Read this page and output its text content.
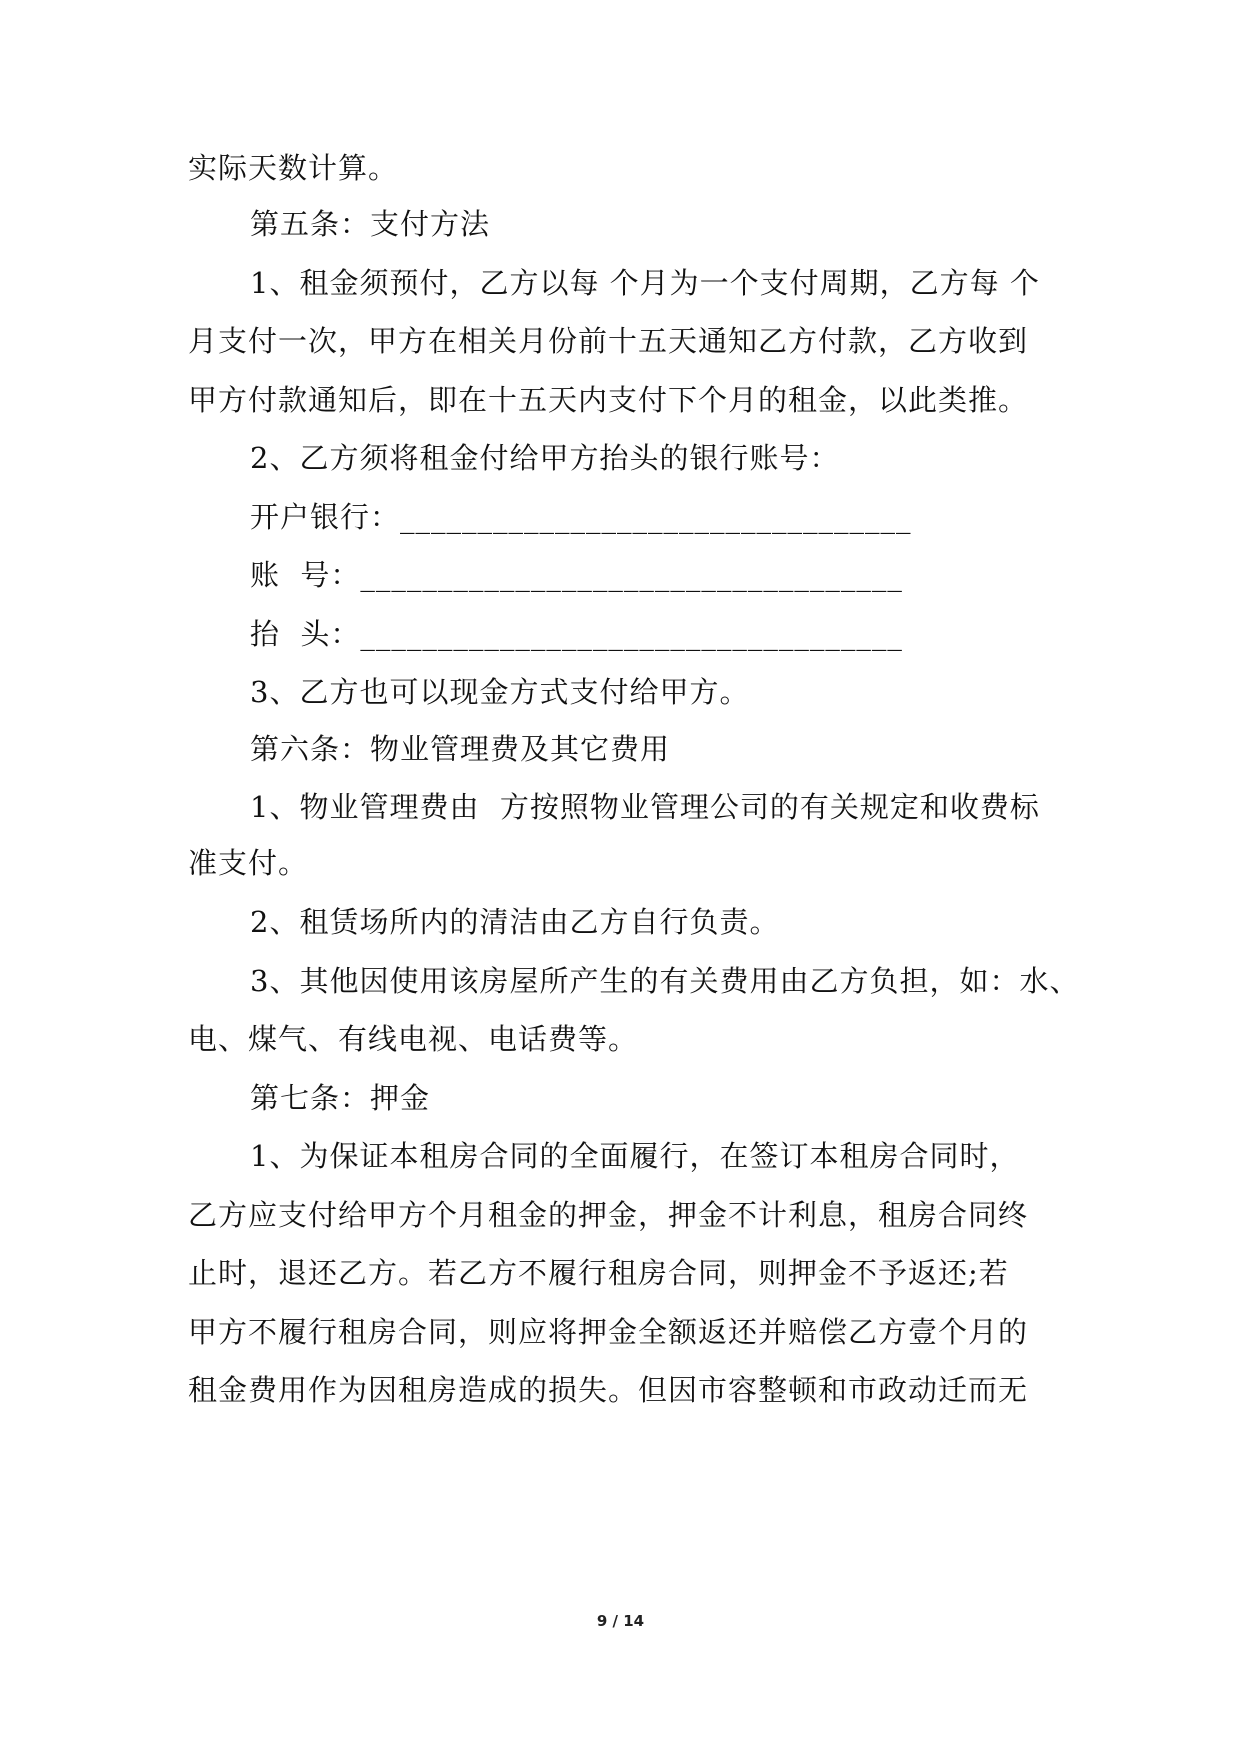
实际天数计算。
第五条：支付方法
1、租金须预付，乙方以每 个月为一个支付周期，乙方每 个
月支付一次，甲方在相关月份前十五天通知乙方付款，乙方收到
甲方付款通知后，即在十五天内支付下个月的租金，以此类推。
2、乙方须将租金付给甲方抬头的银行账号：
开户银行：_________________________________
账  号：___________________________________
抬  头：___________________________________
3、乙方也可以现金方式支付给甲方。
第六条：物业管理费及其它费用
1、物业管理费由  方按照物业管理公司的有关规定和收费标
准支付。
2、租赁场所内的清洁由乙方自行负责。
3、其他因使用该房屋所产生的有关费用由乙方负担，如：水、
电、煤气、有线电视、电话费等。
第七条：押金
1、为保证本租房合同的全面履行，在签订本租房合同时，
乙方应支付给甲方个月租金的押金，押金不计利息，租房合同终
止时，退还乙方。若乙方不履行租房合同，则押金不予返还;若
甲方不履行租房合同，则应将押金全额返还并赔偿乙方壹个月的
租金费用作为因租房造成的损失。但因市容整顿和市政动迁而无
9 / 14
